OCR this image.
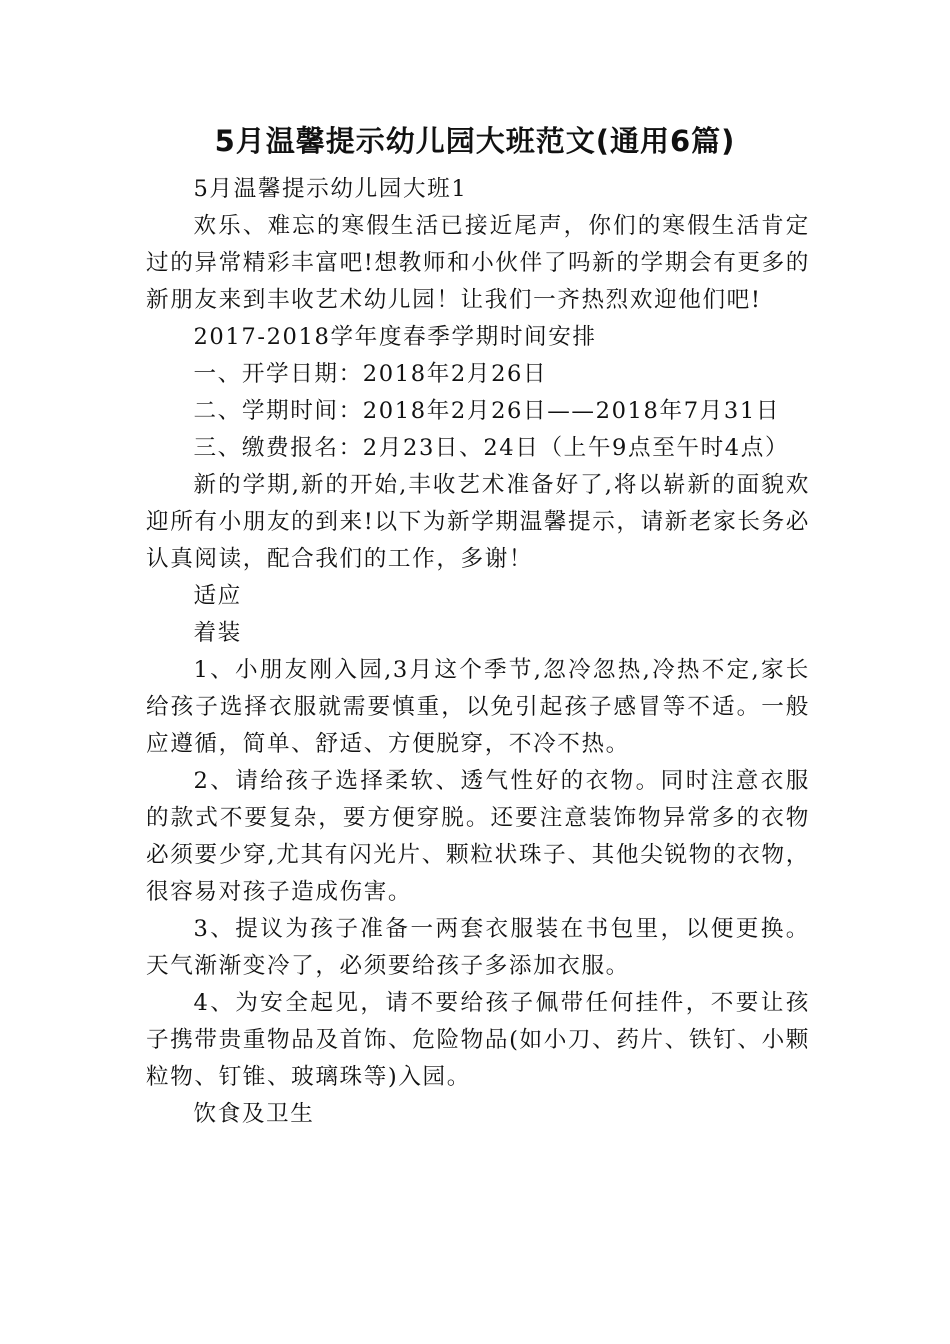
5月温馨提示幼儿园大班范文(通用6篇)

5月温馨提示幼儿园大班1

欢乐、难忘的寒假生活已接近尾声，你们的寒假生活肯定过的异常精彩丰富吧!想教师和小伙伴了吗新的学期会有更多的新朋友来到丰收艺术幼儿园！让我们一齐热烈欢迎他们吧!

2017-2018学年度春季学期时间安排

一、开学日期：2018年2月26日

二、学期时间：2018年2月26日——2018年7月31日

三、缴费报名：2月23日、24日（上午9点至午时4点）

新的学期,新的开始,丰收艺术准备好了,将以崭新的面貌欢迎所有小朋友的到来!以下为新学期温馨提示，请新老家长务必认真阅读，配合我们的工作，多谢！

适应

着装

1、小朋友刚入园,3月这个季节,忽冷忽热,冷热不定,家长给孩子选择衣服就需要慎重，以免引起孩子感冒等不适。一般应遵循，简单、舒适、方便脱穿，不冷不热。

2、请给孩子选择柔软、透气性好的衣物。同时注意衣服的款式不要复杂，要方便穿脱。还要注意装饰物异常多的衣物必须要少穿,尤其有闪光片、颗粒状珠子、其他尖锐物的衣物，很容易对孩子造成伤害。

3、提议为孩子准备一两套衣服装在书包里，以便更换。天气渐渐变冷了，必须要给孩子多添加衣服。

4、为安全起见，请不要给孩子佩带任何挂件，不要让孩子携带贵重物品及首饰、危险物品(如小刀、药片、铁钉、小颗粒物、钉锥、玻璃珠等)入园。

饮食及卫生
